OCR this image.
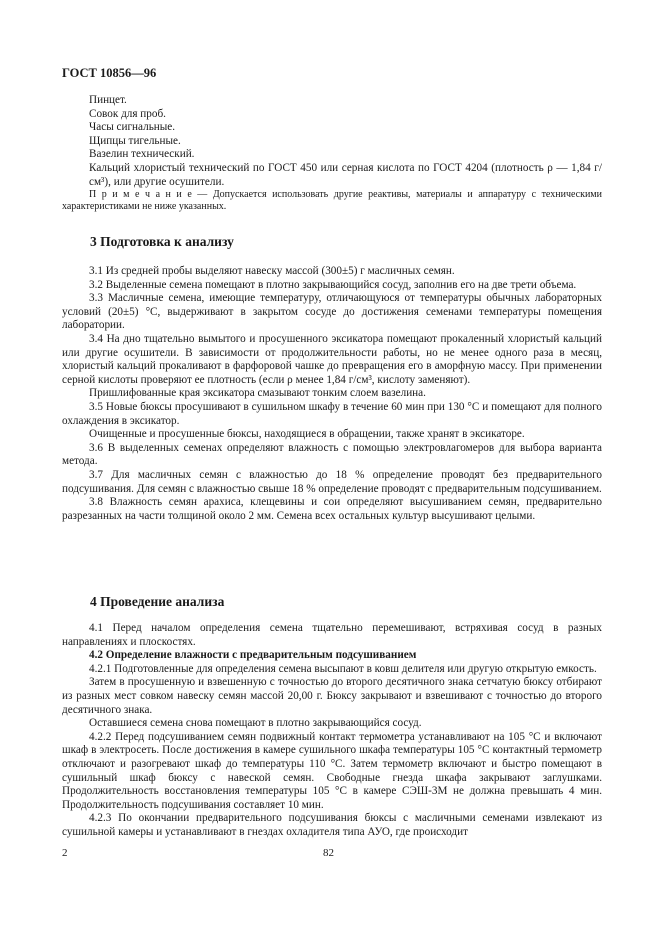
ГОСТ 10856—96

Пинцет.

Совок для проб.

Часы сигнальные.

Щипцы тигельные.

Вазелин технический.

Кальций хлористый технический по ГОСТ 450 или серная кислота по ГОСТ 4204 (плотность ρ — 1,84 г/см³), или другие осушители.

П р и м е ч а н и е — Допускается использовать другие реактивы, материалы и аппаратуру с техническими характеристиками не ниже указанных.

3 Подготовка к анализу

3.1 Из средней пробы выделяют навеску массой (300±5) г масличных семян.

3.2 Выделенные семена помещают в плотно закрывающийся сосуд, заполнив его на две трети объема.

3.3 Масличные семена, имеющие температуру, отличающуюся от температуры обычных лабораторных условий (20±5) °С, выдерживают в закрытом сосуде до достижения семенами температуры помещения лаборатории.

3.4 На дно тщательно вымытого и просушенного эксикатора помещают прокаленный хлористый кальций или другие осушители. В зависимости от продолжительности работы, но не менее одного раза в месяц, хлористый кальций прокаливают в фарфоровой чашке до превращения его в аморфную массу. При применении серной кислоты проверяют ее плотность (если ρ менее 1,84 г/см³, кислоту заменяют).

Пришлифованные края эксикатора смазывают тонким слоем вазелина.

3.5 Новые бюксы просушивают в сушильном шкафу в течение 60 мин при 130 °С и помещают для полного охлаждения в эксикатор.

Очищенные и просушенные бюксы, находящиеся в обращении, также хранят в эксикаторе.

3.6 В выделенных семенах определяют влажность с помощью электровлагомеров для выбора варианта метода.

3.7 Для масличных семян с влажностью до 18 % определение проводят без предварительного подсушивания. Для семян с влажностью свыше 18 % определение проводят с предварительным подсушиванием.

3.8 Влажность семян арахиса, клещевины и сои определяют высушиванием семян, предварительно разрезанных на части толщиной около 2 мм. Семена всех остальных культур высушивают целыми.

4 Проведение анализа

4.1 Перед началом определения семена тщательно перемешивают, встряхивая сосуд в разных направлениях и плоскостях.

4.2 Определение влажности с предварительным подсушиванием

4.2.1 Подготовленные для определения семена высыпают в ковш делителя или другую открытую емкость.

Затем в просушенную и взвешенную с точностью до второго десятичного знака сетчатую бюксу отбирают из разных мест совком навеску семян массой 20,00 г. Бюксу закрывают и взвешивают с точностью до второго десятичного знака.

Оставшиеся семена снова помещают в плотно закрывающийся сосуд.

4.2.2 Перед подсушиванием семян подвижный контакт термометра устанавливают на 105 °С и включают шкаф в электросеть. После достижения в камере сушильного шкафа температуры 105 °С контактный термометр отключают и разогревают шкаф до температуры 110 °С. Затем термометр включают и быстро помещают в сушильный шкаф бюксу с навеской семян. Свободные гнезда шкафа закрывают заглушками. Продолжительность восстановления температуры 105 °С в камере СЭШ-3М не должна превышать 4 мин. Продолжительность подсушивания составляет 10 мин.

4.2.3 По окончании предварительного подсушивания бюксы с масличными семенами извлекают из сушильной камеры и устанавливают в гнездах охладителя типа АУО, где происходит

2	82
